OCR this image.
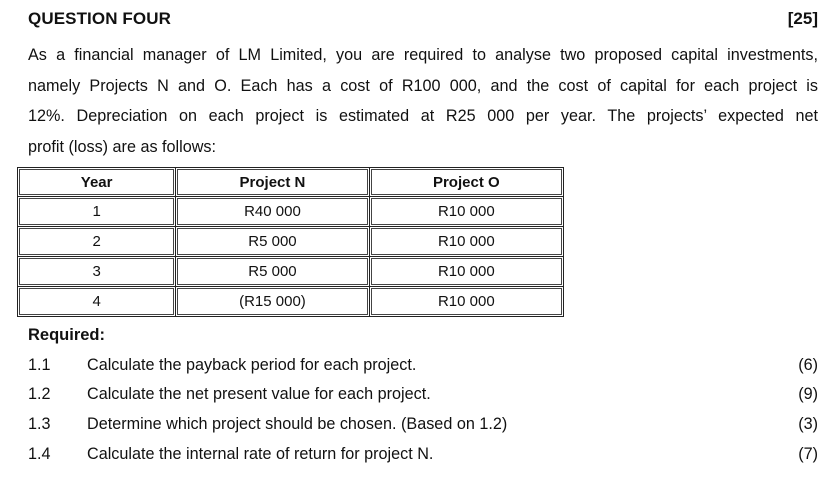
QUESTION FOUR	[25]

As a financial manager of LM Limited, you are required to analyse two proposed capital investments,
namely Projects N and O. Each has a cost of R100 000, and the cost of capital for each project is
12%. Depreciation on each project is estimated at R25 000 per year. The projects’ expected net
profit (loss) are as follows:

Year	Project N	Project O
1	R40 000	R10 000
2	R5 000	R10 000
3	R5 000	R10 000
4	(R15 000)	R10 000
Required:
1.1 Calculate the payback period for each project.	(6)
1.2 Calculate the net present value for each project.	(9)
1.3 Determine which project should be chosen. (Based on 1.2)	(3)
1.4 Calculate the internal rate of return for project N.	(7)
